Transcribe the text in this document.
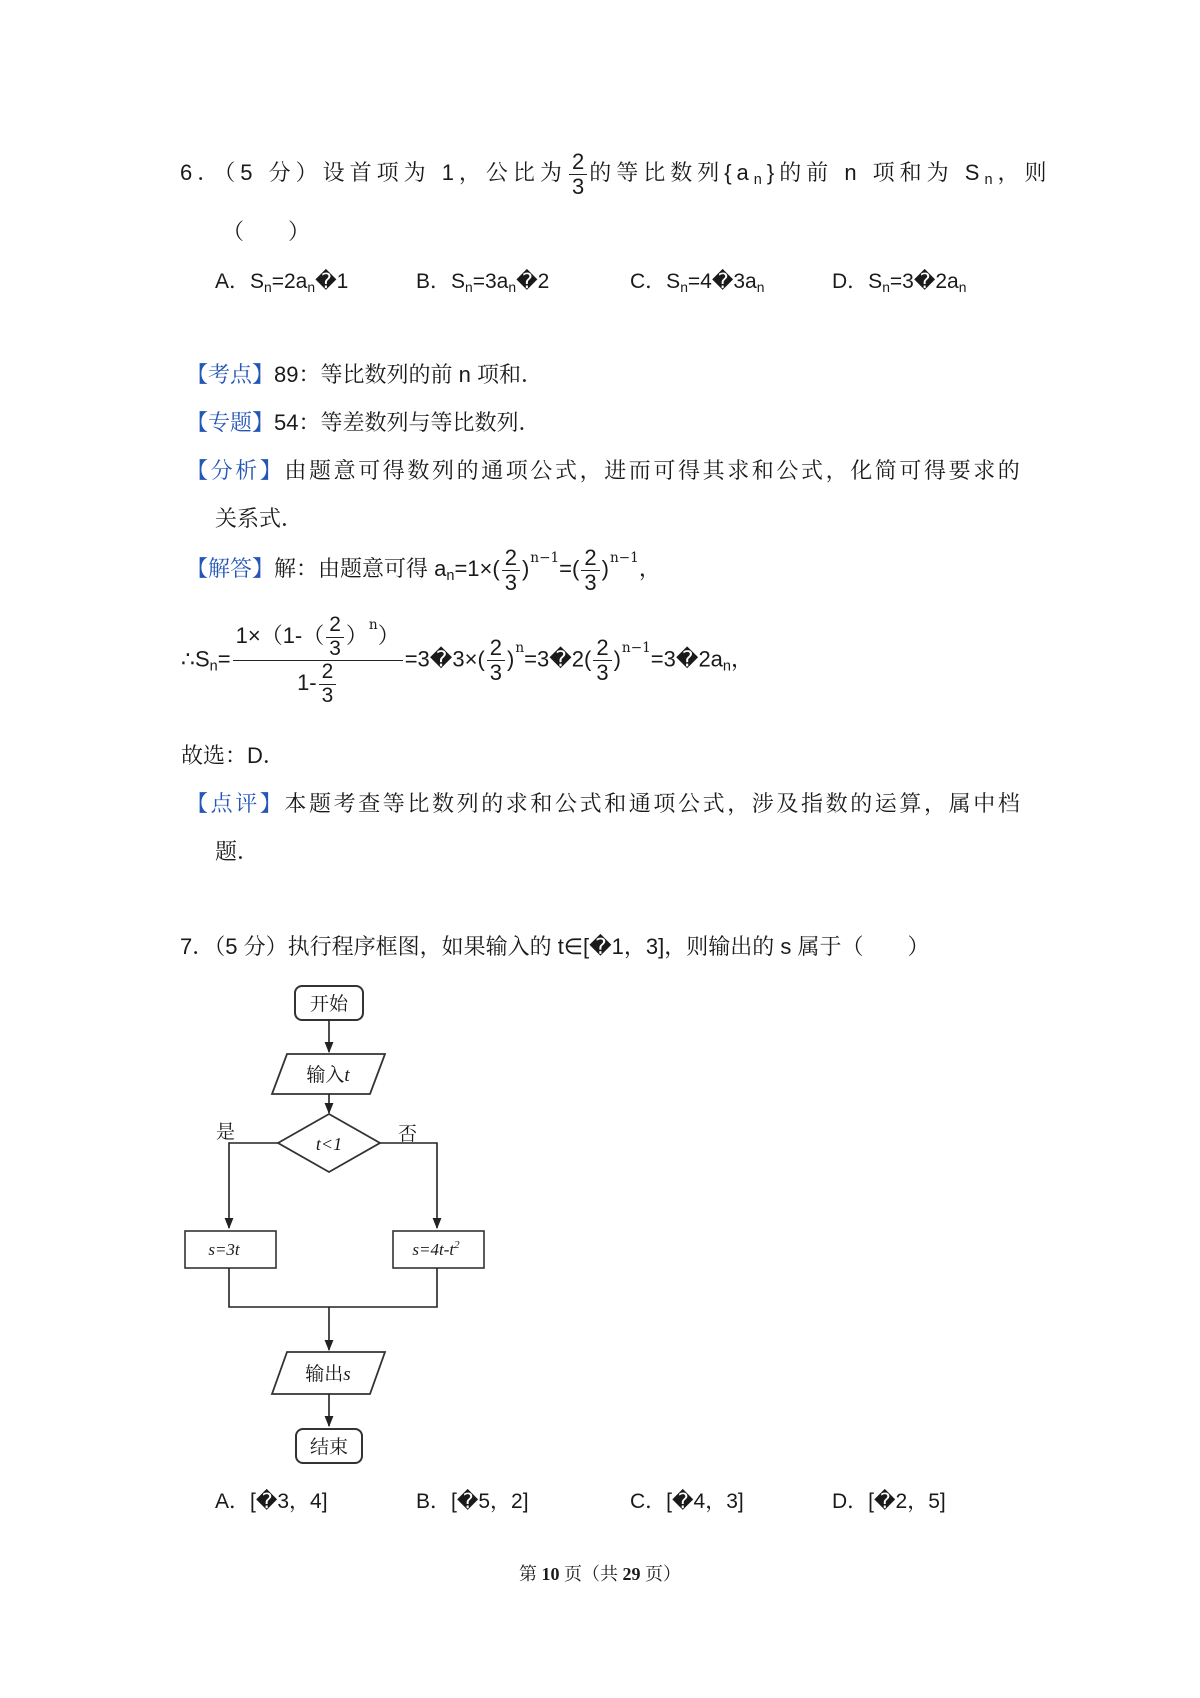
6．（5 分）设首项为 1，公比为 $\frac{2}{3}$ 的等比数列$\{a_n\}$的前 n 项和为 $S_n$，则
（　　）
A．$S_n=2a_n�1$	B．$S_n=3a_n�2$	C．$S_n=4�3a_n$	D．$S_n=3�2a_n$
【考点】89：等比数列的前 n 项和．
【专题】54：等差数列与等比数列．
【分析】由题意可得数列的通项公式，进而可得其求和公式，化简可得要求的
关系式．
【解答】解：由题意可得 $a_n=1\times( \frac{2}{3} )^{n-1}=( \frac{2}{3} )^{n-1}$，
$\therefore S_n= \frac{1\times(1-( \frac{2}{3} )^n)}{1- \frac{2}{3}}$ =3�3×( $\frac{2}{3}$ )$^n$=3�2( $\frac{2}{3}$ )$^{n-1}=3�2a_n$，
故选：D．
【点评】本题考查等比数列的求和公式和通项公式，涉及指数的运算，属中档
题．
7．（5 分）执行程序框图，如果输入的 t∈[�1，3]，则输出的 s 属于（　　）
开始
输入t
t<1
是	否
s=3t	$s=4t-t^2$
输出s
结束
A．[�3，4]	B．[�5，2]	C．[�4，3]	D．[�2，5]
第 10 页（共 29 页）
